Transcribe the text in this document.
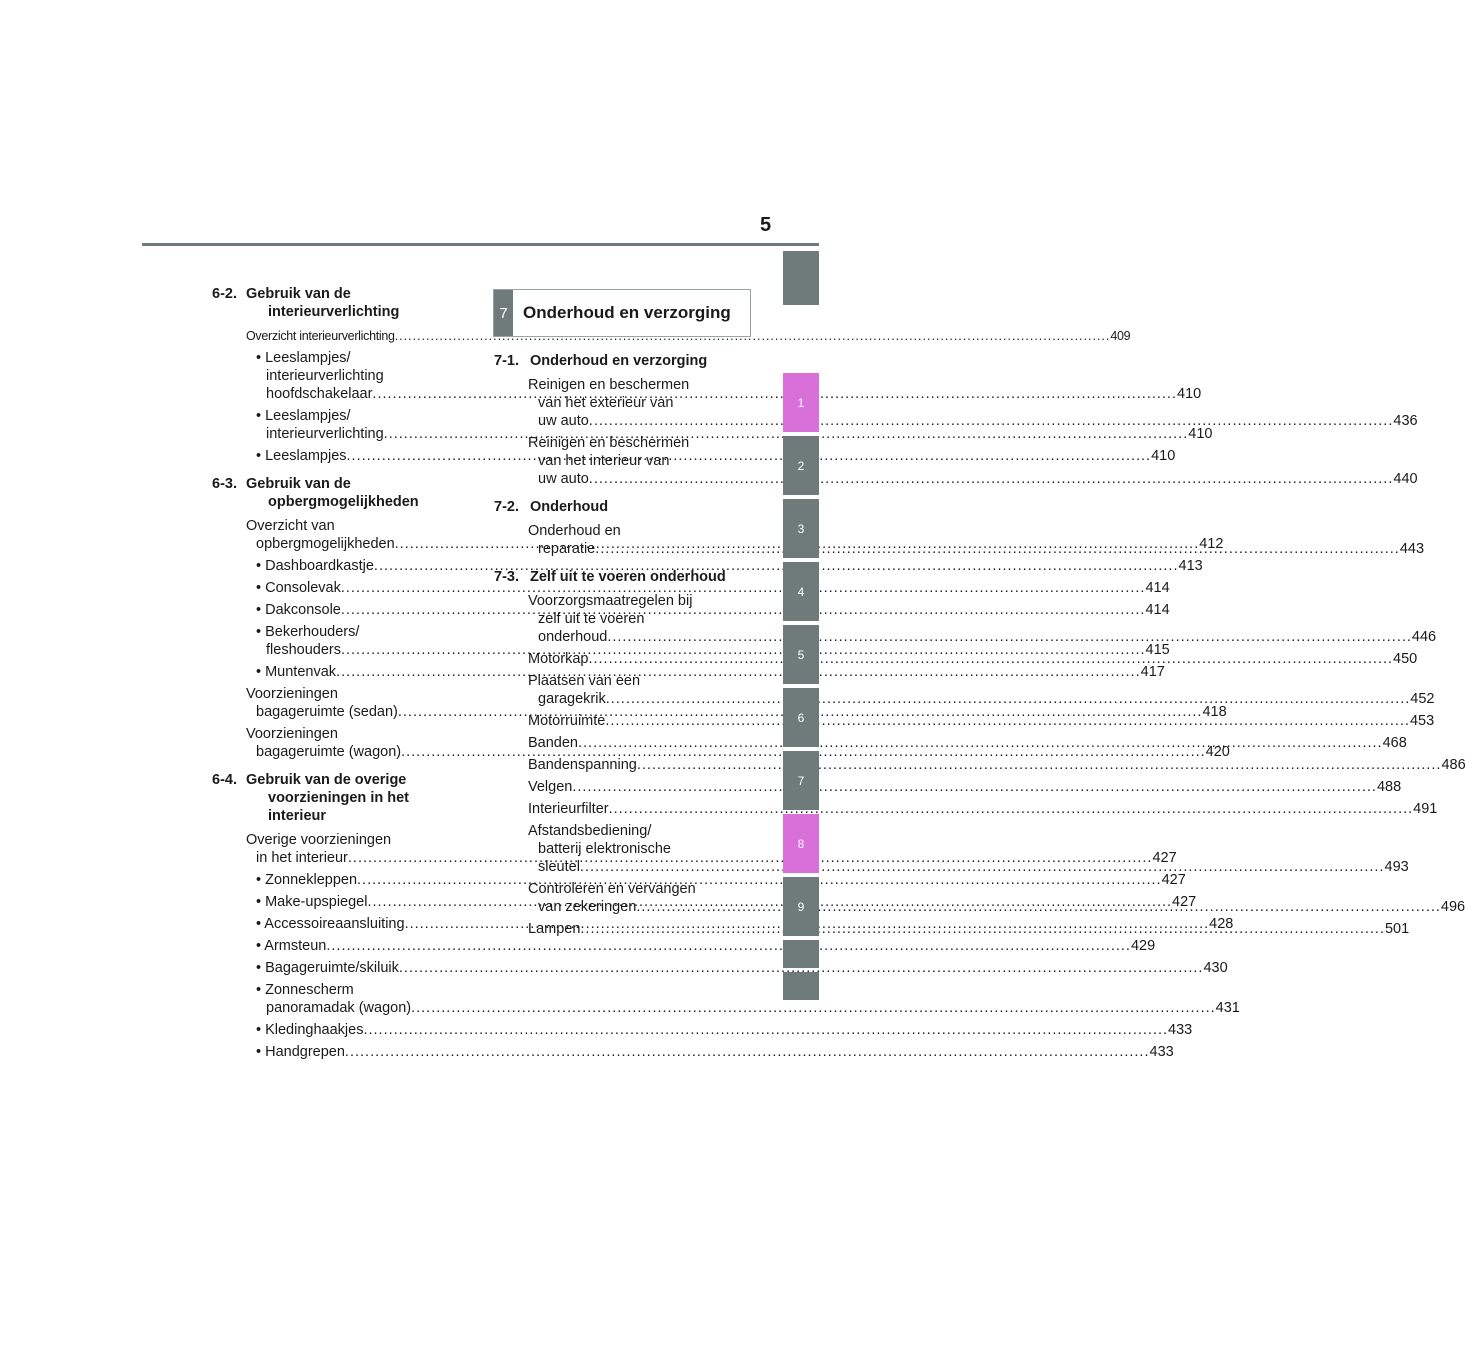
5
6-2. Gebruik van de interieurverlichting
Overzicht interieurverlichting .....	409
• Leeslampjes/
interieurverlichting
hoofdschakelaar .....	410
• Leeslampjes/
interieurverlichting .....	410
• Leeslampjes .....	410
6-3. Gebruik van de opbergmogelijkheden
Overzicht van
opbergmogelijkheden .....	412
• Dashboardkastje .....	413
• Consolevak .....	414
• Dakconsole .....	414
• Bekerhouders/
fleshouders .....	415
• Muntenvak .....	417
Voorzieningen
bagageruimte (sedan) .....	418
Voorzieningen
bagageruimte (wagon) .....	420
6-4. Gebruik van de overige voorzieningen in het interieur
Overige voorzieningen
in het interieur .....	427
• Zonnekleppen .....	427
• Make-upspiegel .....	427
• Accessoireaansluiting .....	428
• Armsteun .....	429
• Bagageruimte/skiluik .....	430
• Zonnescherm
panoramadak (wagon) .....	431
• Kledinghaakjes .....	433
• Handgrepen .....	433
7 Onderhoud en verzorging
7-1. Onderhoud en verzorging
Reinigen en beschermen
van het exterieur van
uw auto .....	436
Reinigen en beschermen
van het interieur van
uw auto .....	440
7-2. Onderhoud
Onderhoud en
reparatie .....	443
7-3. Zelf uit te voeren onderhoud
Voorzorgsmaatregelen bij
zelf uit te voeren
onderhoud .....	446
Motorkap .....	450
Plaatsen van een
garagekrik .....	452
Motorruimte .....	453
Banden .....	468
Bandenspanning .....	486
Velgen .....	488
Interieurfilter .....	491
Afstandsbediening/
batterij elektronische
sleutel .....	493
Controleren en vervangen
van zekeringen .....	496
Lampen .....	501
1
2
3
4
5
6
7
8
9
